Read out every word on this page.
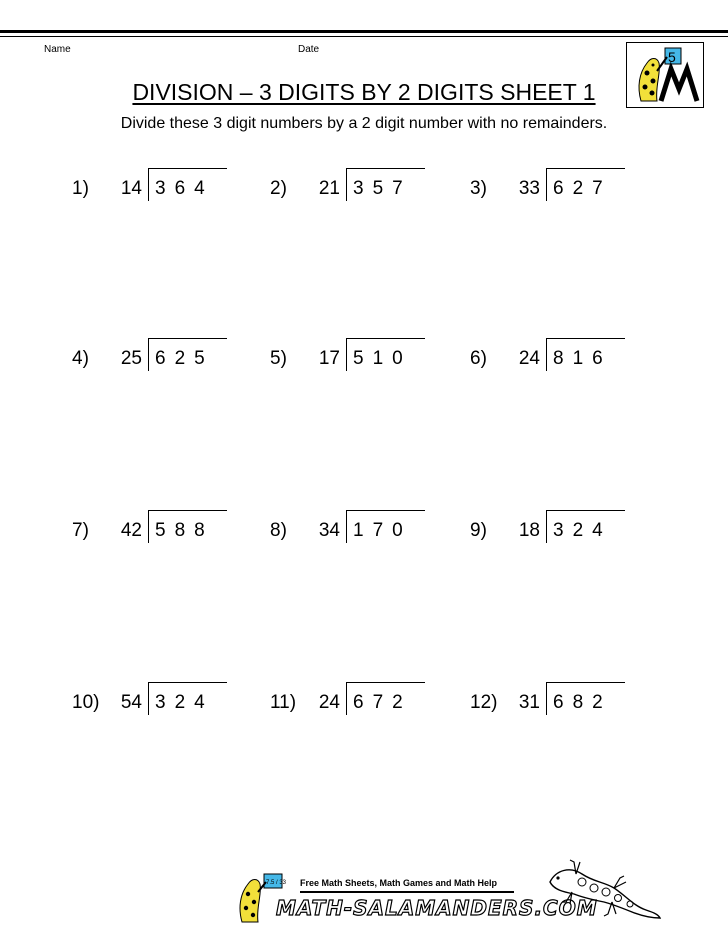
Name	Date	5
DIVISION – 3 DIGITS BY 2 DIGITS SHEET 1
Divide these 3 digit numbers by a 2 digit number with no remainders.
1)	14 364	2)	21 357	3)	33 627
4)	25 625	5)	17 510	6)	24 816
7)	42 588	8)	34 170	9)	18 324
10)	54 324	11)	24 672	12)	31 682
7.5 / 33 Free Math Sheets, Math Games and Math Help
MATH-SALAMANDERS.COM
